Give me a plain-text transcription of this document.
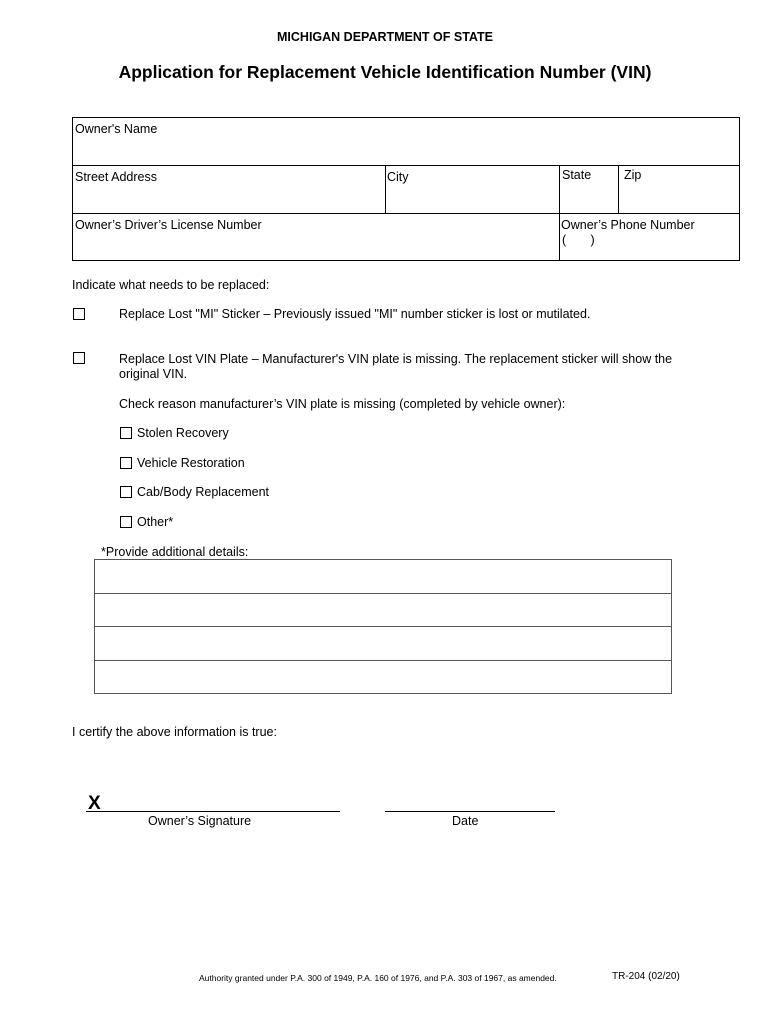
MICHIGAN DEPARTMENT OF STATE
Application for Replacement Vehicle Identification Number (VIN)
Owner's Name
Street Address	City	State	Zip
Owner’s Driver’s License Number	Owner’s Phone Number
(       )
Indicate what needs to be replaced:
Replace Lost "MI" Sticker – Previously issued "MI" number sticker is lost or mutilated.
Replace Lost VIN Plate – Manufacturer's VIN plate is missing. The replacement sticker will show the
original VIN.
Check reason manufacturer’s VIN plate is missing (completed by vehicle owner):
Stolen Recovery
Vehicle Restoration
Cab/Body Replacement
Other*
*Provide additional details:
I certify the above information is true:
X
Owner’s Signature	Date
Authority granted under P.A. 300 of 1949, P.A. 160 of 1976, and P.A. 303 of 1967, as amended.	TR-204 (02/20)
